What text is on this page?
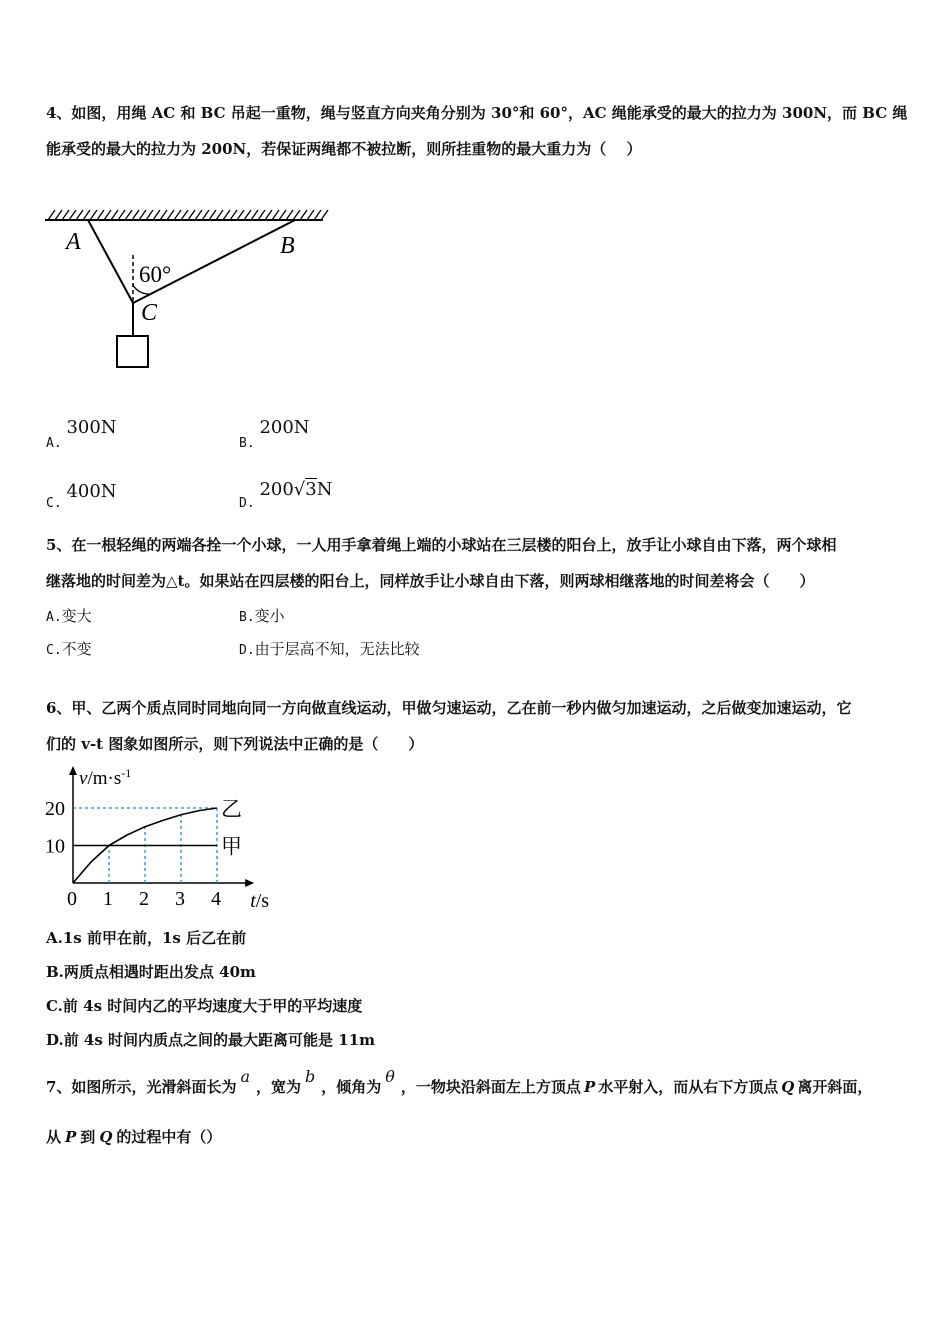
4、如图，用绳 AC 和 BC 吊起一重物，绳与竖直方向夹角分别为 30°和 60°，AC 绳能承受的最大的拉力为 300N，而 BC 绳
能承受的最大的拉力为 200N，若保证两绳都不被拉断，则所挂重物的最大重力为（　 ）
A	B
C
60°
A. 300N
B. 200N
C. 400N
D. 200√3N
5、在一根轻绳的两端各拴一个小球，一人用手拿着绳上端的小球站在三层楼的阳台上，放手让小球自由下落，两个球相
继落地的时间差为△t。如果站在四层楼的阳台上，同样放手让小球自由下落，则两球相继落地的时间差将会（　　）
A.变大	B.变小
C.不变	D.由于层高不知，无法比较
6、甲、乙两个质点同时同地向同一方向做直线运动，甲做匀速运动，乙在前一秒内做匀加速运动，之后做变加速运动，它
们的 v-t 图象如图所示，则下列说法中正确的是（　　）
$v/m\cdot s^{-1}$
t/s
0 1 2 3 4
10
20	乙
甲
A.1s 前甲在前，1s 后乙在前
B.两质点相遇时距出发点 40m
C.前 4s 时间内乙的平均速度大于甲的平均速度
D.前 4s 时间内质点之间的最大距离可能是 11m
7、如图所示，光滑斜面长为a，宽为b，倾角为θ，一物块沿斜面左上方顶点 P 水平射入，而从右下方顶点 Q 离开斜面，
从 P 到 Q 的过程中有（）
